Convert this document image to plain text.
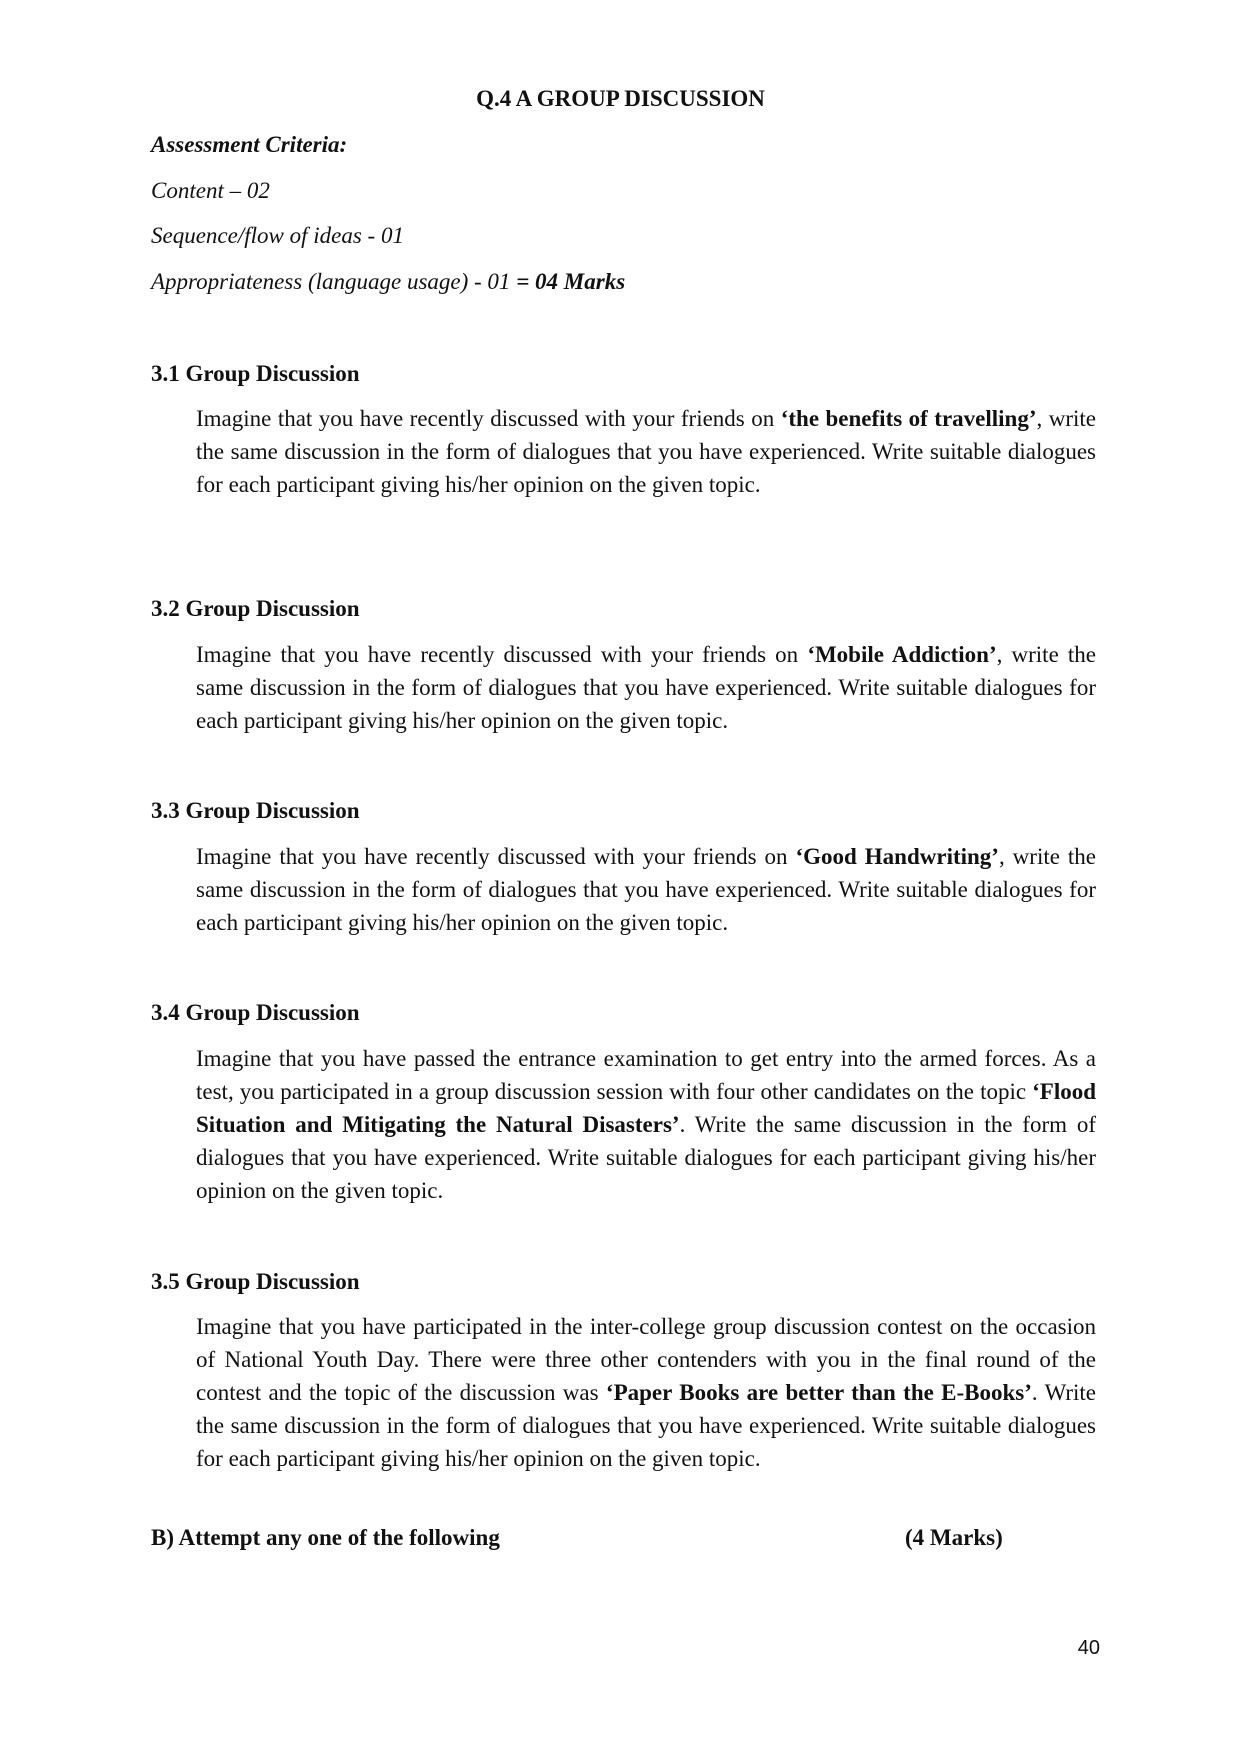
Q.4 A GROUP DISCUSSION

Assessment Criteria:

Content – 02

Sequence/flow of ideas - 01

Appropriateness (language usage) - 01 = 04 Marks

3.1 Group Discussion

Imagine that you have recently discussed with your friends on ‘the benefits of travelling’, write the same discussion in the form of dialogues that you have experienced. Write suitable dialogues for each participant giving his/her opinion on the given topic.

3.2 Group Discussion

Imagine that you have recently discussed with your friends on ‘Mobile Addiction’, write the same discussion in the form of dialogues that you have experienced. Write suitable dialogues for each participant giving his/her opinion on the given topic.

3.3 Group Discussion

Imagine that you have recently discussed with your friends on ‘Good Handwriting’, write the same discussion in the form of dialogues that you have experienced. Write suitable dialogues for each participant giving his/her opinion on the given topic.

3.4 Group Discussion

Imagine that you have passed the entrance examination to get entry into the armed forces. As a test, you participated in a group discussion session with four other candidates on the topic ‘Flood Situation and Mitigating the Natural Disasters’. Write the same discussion in the form of dialogues that you have experienced. Write suitable dialogues for each participant giving his/her opinion on the given topic.

3.5 Group Discussion

Imagine that you have participated in the inter-college group discussion contest on the occasion of National Youth Day. There were three other contenders with you in the final round of the contest and the topic of the discussion was ‘Paper Books are better than the E-Books’. Write the same discussion in the form of dialogues that you have experienced. Write suitable dialogues for each participant giving his/her opinion on the given topic.

B) Attempt any one of the following	(4 Marks)

40
